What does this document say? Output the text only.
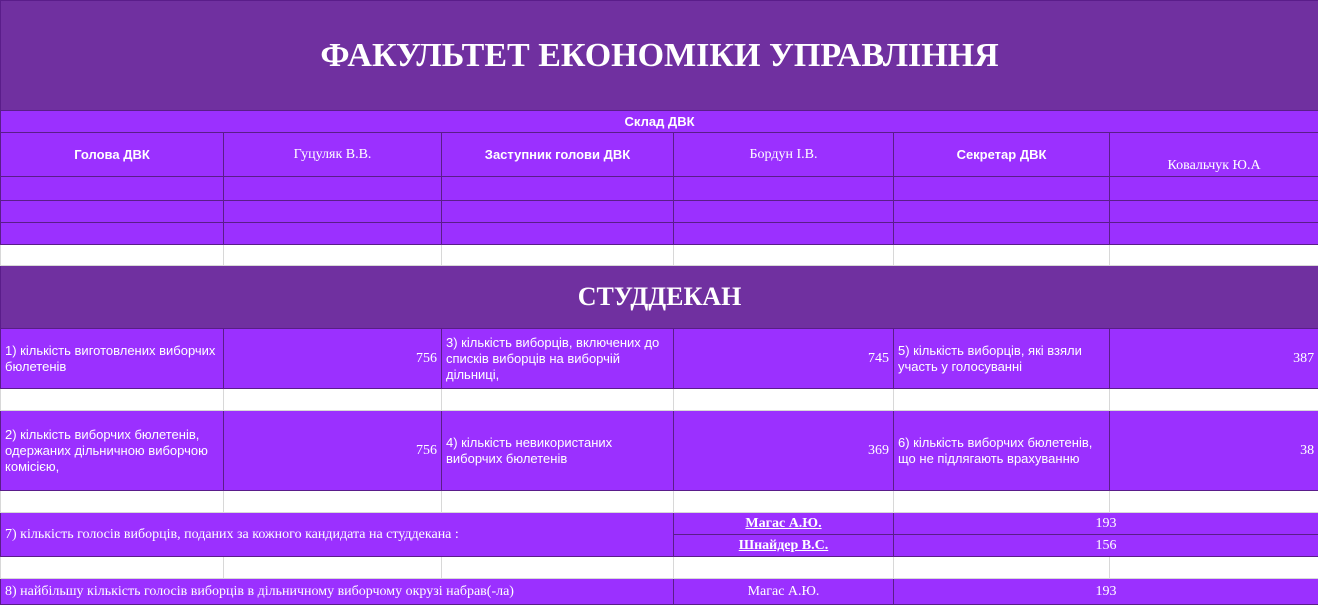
ФАКУЛЬТЕТ ЕКОНОМІКИ УПРАВЛІННЯ					
Склад ДВК					
Голова ДВК	Гуцуляк В.В.	Заступник голови ДВК	Бордун І.В.	Секретар ДВК	Ковальчук Ю.А

СТУДДЕКАН					
1) кількість виготовлених виборчих бюлетенів	756	3) кількість виборців, включених до списків виборців на виборчій дільниці,	745	5) кількість виборців, які взяли участь у голосуванні	387

2) кількість виборчих бюлетенів, одержаних дільничною виборчою комісією,	756	4) кількість невикористаних виборчих бюлетенів	369	6) кількість виборчих бюлетенів, що не підлягають врахуванню	38

7) кількість голосів виборців, поданих за кожного кандидата на студдекана :			Магас А.Ю.	193	
			Шнайдер В.С.	156	

8) найбільшу кількість голосів виборців в дільничному виборчому окрузі набрав(-ла)			Магас А.Ю.	193	
